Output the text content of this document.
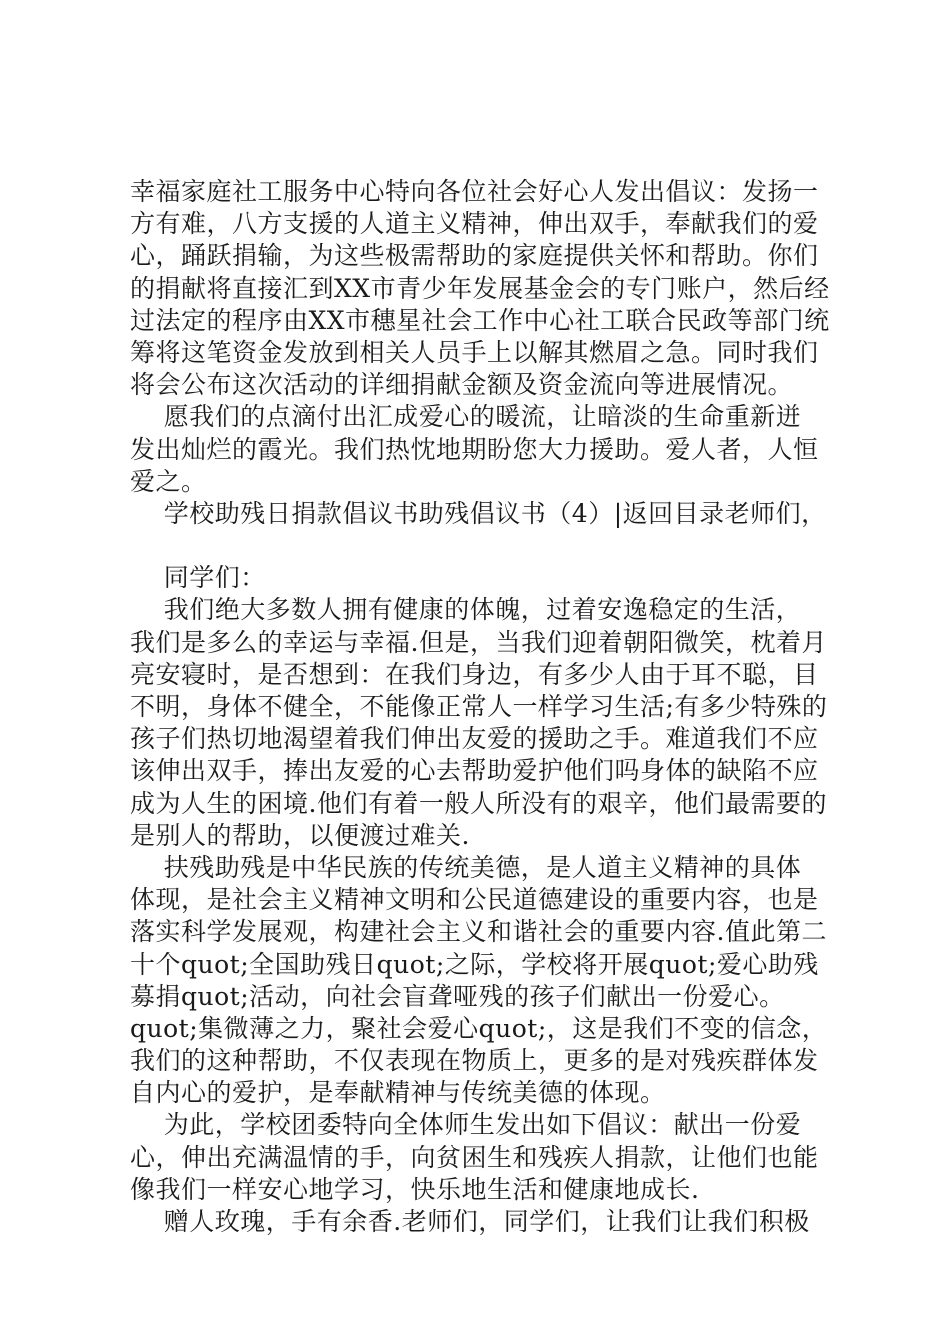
幸福家庭社工服务中心特向各位社会好心人发出倡议：发扬一
方有难，八方支援的人道主义精神，伸出双手，奉献我们的爱
心，踊跃捐输，为这些极需帮助的家庭提供关怀和帮助。你们
的捐献将直接汇到XX市青少年发展基金会的专门账户，然后经
过法定的程序由XX市穗星社会工作中心社工联合民政等部门统
筹将这笔资金发放到相关人员手上以解其燃眉之急。同时我们
将会公布这次活动的详细捐献金额及资金流向等进展情况。
愿我们的点滴付出汇成爱心的暖流，让暗淡的生命重新迸
发出灿烂的霞光。我们热忱地期盼您大力援助。爱人者，人恒
爱之。
学校助残日捐款倡议书助残倡议书（4）|返回目录老师们，
同学们：
我们绝大多数人拥有健康的体魄，过着安逸稳定的生活，
我们是多么的幸运与幸福.但是，当我们迎着朝阳微笑，枕着月
亮安寝时，是否想到：在我们身边，有多少人由于耳不聪，目
不明，身体不健全，不能像正常人一样学习生活;有多少特殊的
孩子们热切地渴望着我们伸出友爱的援助之手。难道我们不应
该伸出双手，捧出友爱的心去帮助爱护他们吗身体的缺陷不应
成为人生的困境.他们有着一般人所没有的艰辛，他们最需要的
是别人的帮助，以便渡过难关.
扶残助残是中华民族的传统美德，是人道主义精神的具体
体现，是社会主义精神文明和公民道德建设的重要内容，也是
落实科学发展观，构建社会主义和谐社会的重要内容.值此第二
十个quot;全国助残日quot;之际，学校将开展quot;爱心助残
募捐quot;活动，向社会盲聋哑残的孩子们献出一份爱心。
quot;集微薄之力，聚社会爱心quot;，这是我们不变的信念，
我们的这种帮助，不仅表现在物质上，更多的是对残疾群体发
自内心的爱护，是奉献精神与传统美德的体现。
为此，学校团委特向全体师生发出如下倡议：献出一份爱
心，伸出充满温情的手，向贫困生和残疾人捐款，让他们也能
像我们一样安心地学习，快乐地生活和健康地成长.
赠人玫瑰，手有余香.老师们，同学们，让我们让我们积极
